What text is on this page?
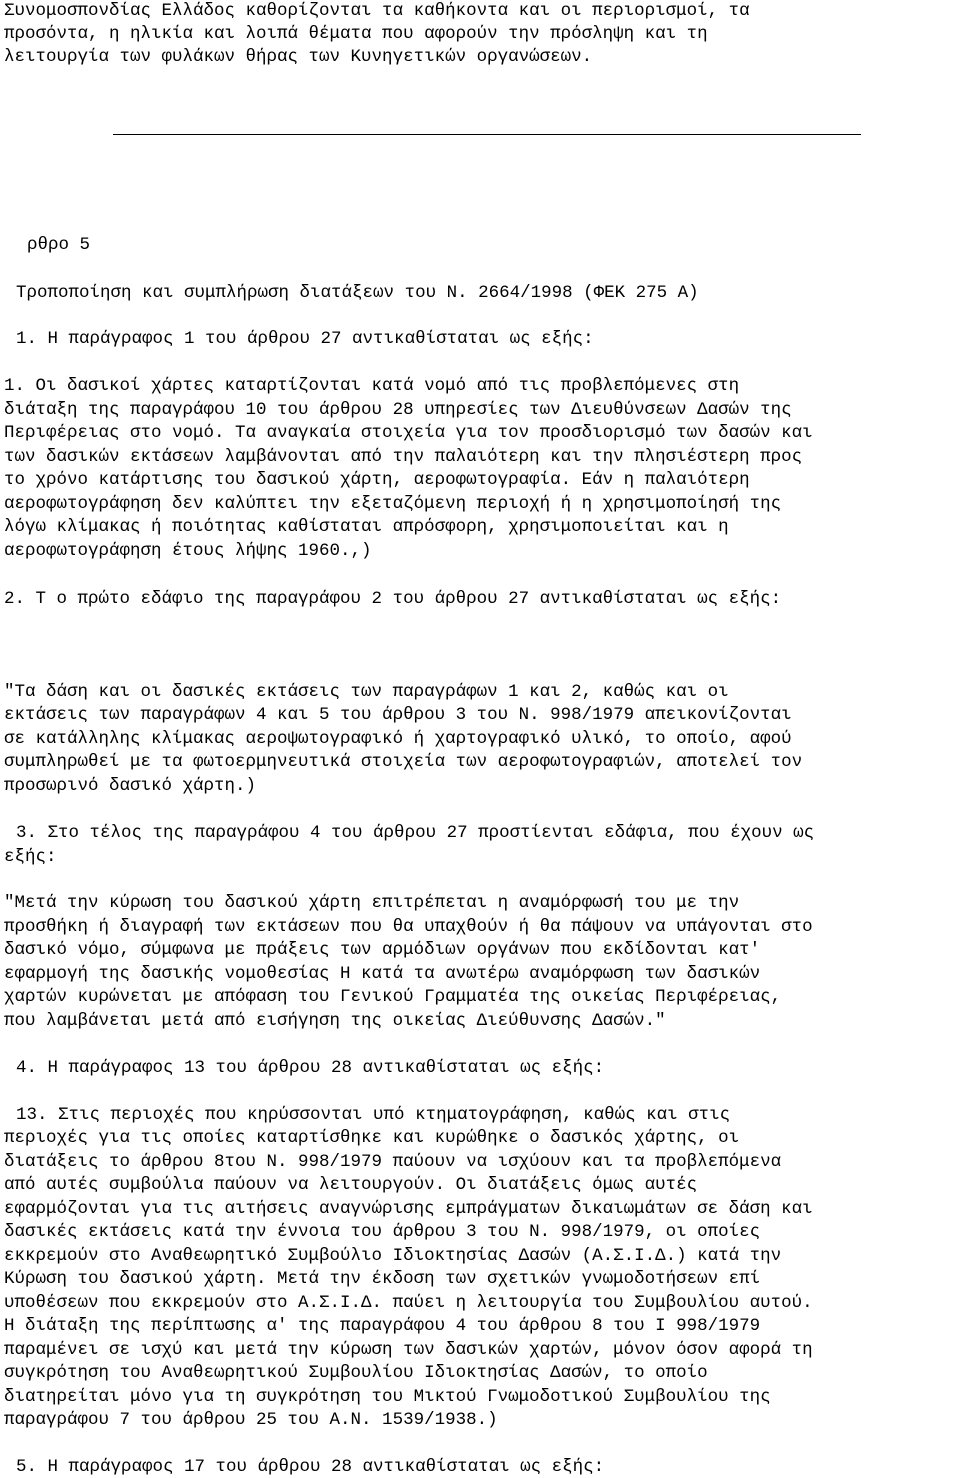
Συνομοσπονδίας Ελλάδος καθορίζονται τα καθήκοντα και οι περιορισμοί, τα
προσόντα, η ηλικία και λοιπά θέματα που αφορούν την πρόσληψη και τη
λειτουργία των φυλάκων θήρας των Κυνηγετικών οργανώσεων.
ρθρο 5
Τροποποίηση και συμπλήρωση διατάξεων του Ν. 2664/1998 (ΦΕΚ 275 Α)
1. Η παράγραφος 1 του άρθρου 27 αντικαθίσταται ως εξής:
1. Οι δασικοί χάρτες καταρτίζονται κατά νομό από τις προβλεπόμενες στη
διάταξη της παραγράφου 10 του άρθρου 28 υπηρεσίες των Διευθύνσεων Δασών της
Περιφέρειας στο νομό. Τα αναγκαία στοιχεία για τον προσδιορισμό των δασών και
των δασικών εκτάσεων λαμβάνονται από την παλαιότερη και την πλησιέστερη προς
το χρόνο κατάρτισης του δασικού χάρτη, αεροφωτογραφία. Εάν η παλαιότερη
αεροφωτογράφηση δεν καλύπτει την εξεταζόμενη περιοχή ή η χρησιμοποίησή της
λόγω κλίμακας ή ποιότητας καθίσταται απρόσφορη, χρησιμοποιείται και η
αεροφωτογράφηση έτους λήψης 1960.,)
2. Τ ο πρώτο εδάφιο της παραγράφου 2 του άρθρου 27 αντικαθίσταται ως εξής:
"Τα δάση και οι δασικές εκτάσεις των παραγράφων 1 και 2, καθώς και οι
εκτάσεις των παραγράφων 4 και 5 του άρθρου 3 του Ν. 998/1979 απεικονίζονται
σε κατάλληλης κλίμακας αεροψωτογραφικό ή χαρτογραφικό υλικό, το οποίο, αφού
συμπληρωθεί με τα φωτοερμηνευτικά στοιχεία των αεροφωτογραφιών, αποτελεί τον
προσωρινό δασικό χάρτη.)
3. Στο τέλος της παραγράφου 4 του άρθρου 27 προστίενται εδάφια, που έχουν ως
εξής:
"Μετά την κύρωση του δασικού χάρτη επιτρέπεται η αναμόρφωσή του με την
προσθήκη ή διαγραφή των εκτάσεων που θα υπαχθούν ή θα πάψουν να υπάγονται στο
δασικό νόμο, σύμφωνα με πράξεις των αρμόδιων οργάνων που εκδίδονται κατ'
εφαρμογή της δασικής νομοθεσίας Η κατά τα ανωτέρω αναμόρφωση των δασικών
χαρτών κυρώνεται με απόφαση του Γενικού Γραμματέα της οικείας Περιφέρειας,
που λαμβάνεται μετά από εισήγηση της οικείας Διεύθυνσης Δασών."
4. Η παράγραφος 13 του άρθρου 28 αντικαθίσταται ως εξής:
13. Στις περιοχές που κηρύσσονται υπό κτηματογράφηση, καθώς και στις
περιοχές για τις οποίες καταρτίσθηκε και κυρώθηκε ο δασικός χάρτης, οι
διατάξεις το άρθρου 8του Ν. 998/1979 παύουν να ισχύουν και τα προβλεπόμενα
από αυτές συμβούλια παύουν να λειτουργούν. Οι διατάξεις όμως αυτές
εφαρμόζονται για τις αιτήσεις αναγνώρισης εμπράγματων δικαιωμάτων σε δάση και
δασικές εκτάσεις κατά την έννοια του άρθρου 3 του Ν. 998/1979, οι οποίες
εκκρεμούν στο Αναθεωρητικό Συμβούλιο Ιδιοκτησίας Δασών (Α.Σ.Ι.Δ.) κατά την
Κύρωση του δασικού χάρτη. Μετά την έκδοση των σχετικών γνωμοδοτήσεων επί
υποθέσεων που εκκρεμούν στο Α.Σ.Ι.Δ. παύει η λειτουργία του Συμβουλίου αυτού.
Η διάταξη της περίπτωσης α' της παραγράφου 4 του άρθρου 8 του Ι 998/1979
παραμένει σε ισχύ και μετά την κύρωση των δασικών χαρτών, μόνον όσον αφορά τη
συγκρότηση του Αναθεωρητικού Συμβουλίου Ιδιοκτησίας Δασών, το οποίο
διατηρείται μόνο για τη συγκρότηση του Μικτού Γνωμοδοτικού Συμβουλίου της
παραγράφου 7 του άρθρου 25 του Α.Ν. 1539/1938.)
5. Η παράγραφος 17 του άρθρου 28 αντικαθίσταται ως εξής:
